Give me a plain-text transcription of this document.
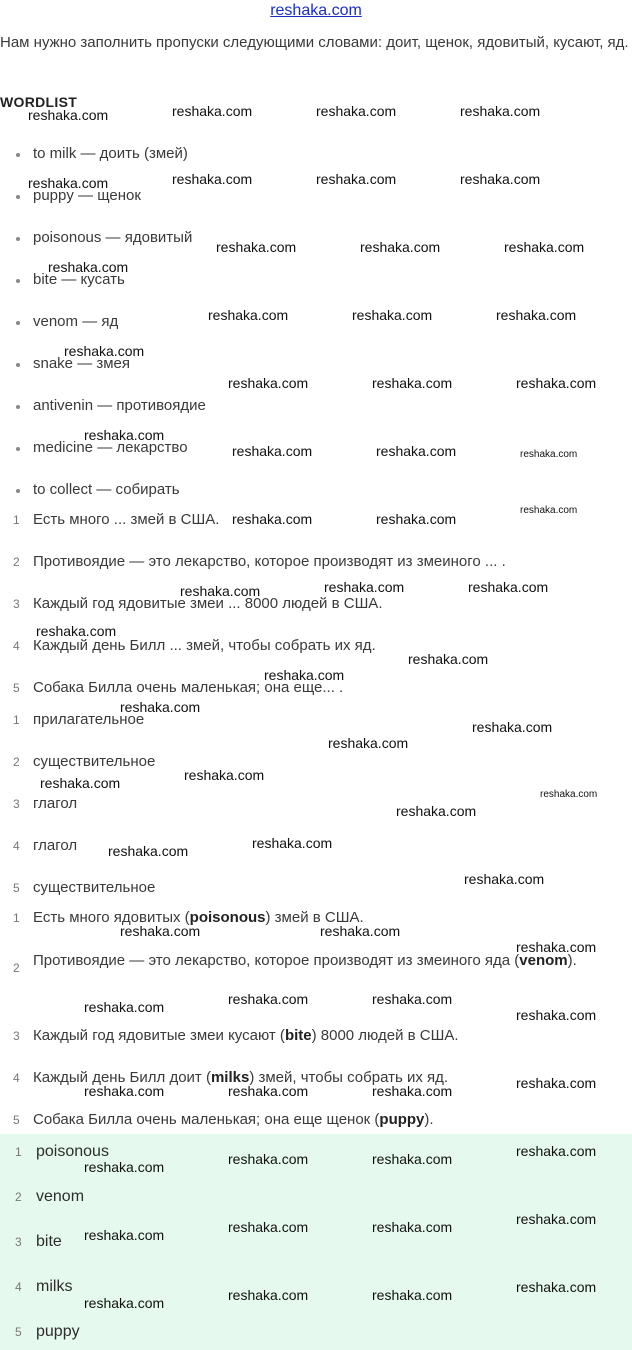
reshaka.com
Нам нужно заполнить пропуски следующими словами: доит, щенок, ядовитый, кусают, яд.
WORDLIST
to milk — доить (змей)
puppy — щенок
poisonous — ядовитый
bite — кусать
venom — яд
snake — змея
antivenin — противоядие
medicine — лекарство
to collect — собирать
1 Есть много ... змей в США.
2 Противоядие — это лекарство, которое производят из змеиного ... .
3 Каждый год ядовитые змеи ... 8000 людей в США.
4 Каждый день Билл ... змей, чтобы собрать их яд.
5 Собака Билла очень маленькая; она еще... .
1 прилагательное
2 существительное
3 глагол
4 глагол
5 существительное
1 Есть много ядовитых (poisonous) змей в США.
2 Противоядие — это лекарство, которое производят из змеиного яда (venom).
3 Каждый год ядовитые змеи кусают (bite) 8000 людей в США.
4 Каждый день Билл доит (milks) змей, чтобы собрать их яд.
5 Собака Билла очень маленькая; она еще щенок (puppy).
1 poisonous
2 venom
3 bite
4 milks
5 puppy
reshaka.com	reshaka.com	reshaka.com	reshaka.com
reshaka.com	reshaka.com	reshaka.com	reshaka.com
reshaka.com	reshaka.com	reshaka.com
reshaka.com
reshaka.com	reshaka.com	reshaka.com
reshaka.com
reshaka.com	reshaka.com	reshaka.com
reshaka.com
reshaka.com	reshaka.com	reshaka.com
reshaka.com	reshaka.com
reshaka.com
reshaka.com	reshaka.com	reshaka.com
reshaka.com
reshaka.com
reshaka.com
reshaka.com
reshaka.com
reshaka.com
reshaka.com	reshaka.com
reshaka.com
reshaka.com
reshaka.com	reshaka.com
reshaka.com
reshaka.com	reshaka.com
reshaka.com
reshaka.com	reshaka.com	reshaka.com
reshaka.com
reshaka.com	reshaka.com	reshaka.com	reshaka.com
reshaka.com	reshaka.com	reshaka.com	reshaka.com
reshaka.com	reshaka.com	reshaka.com	reshaka.com
reshaka.com	reshaka.com	reshaka.com	reshaka.com
